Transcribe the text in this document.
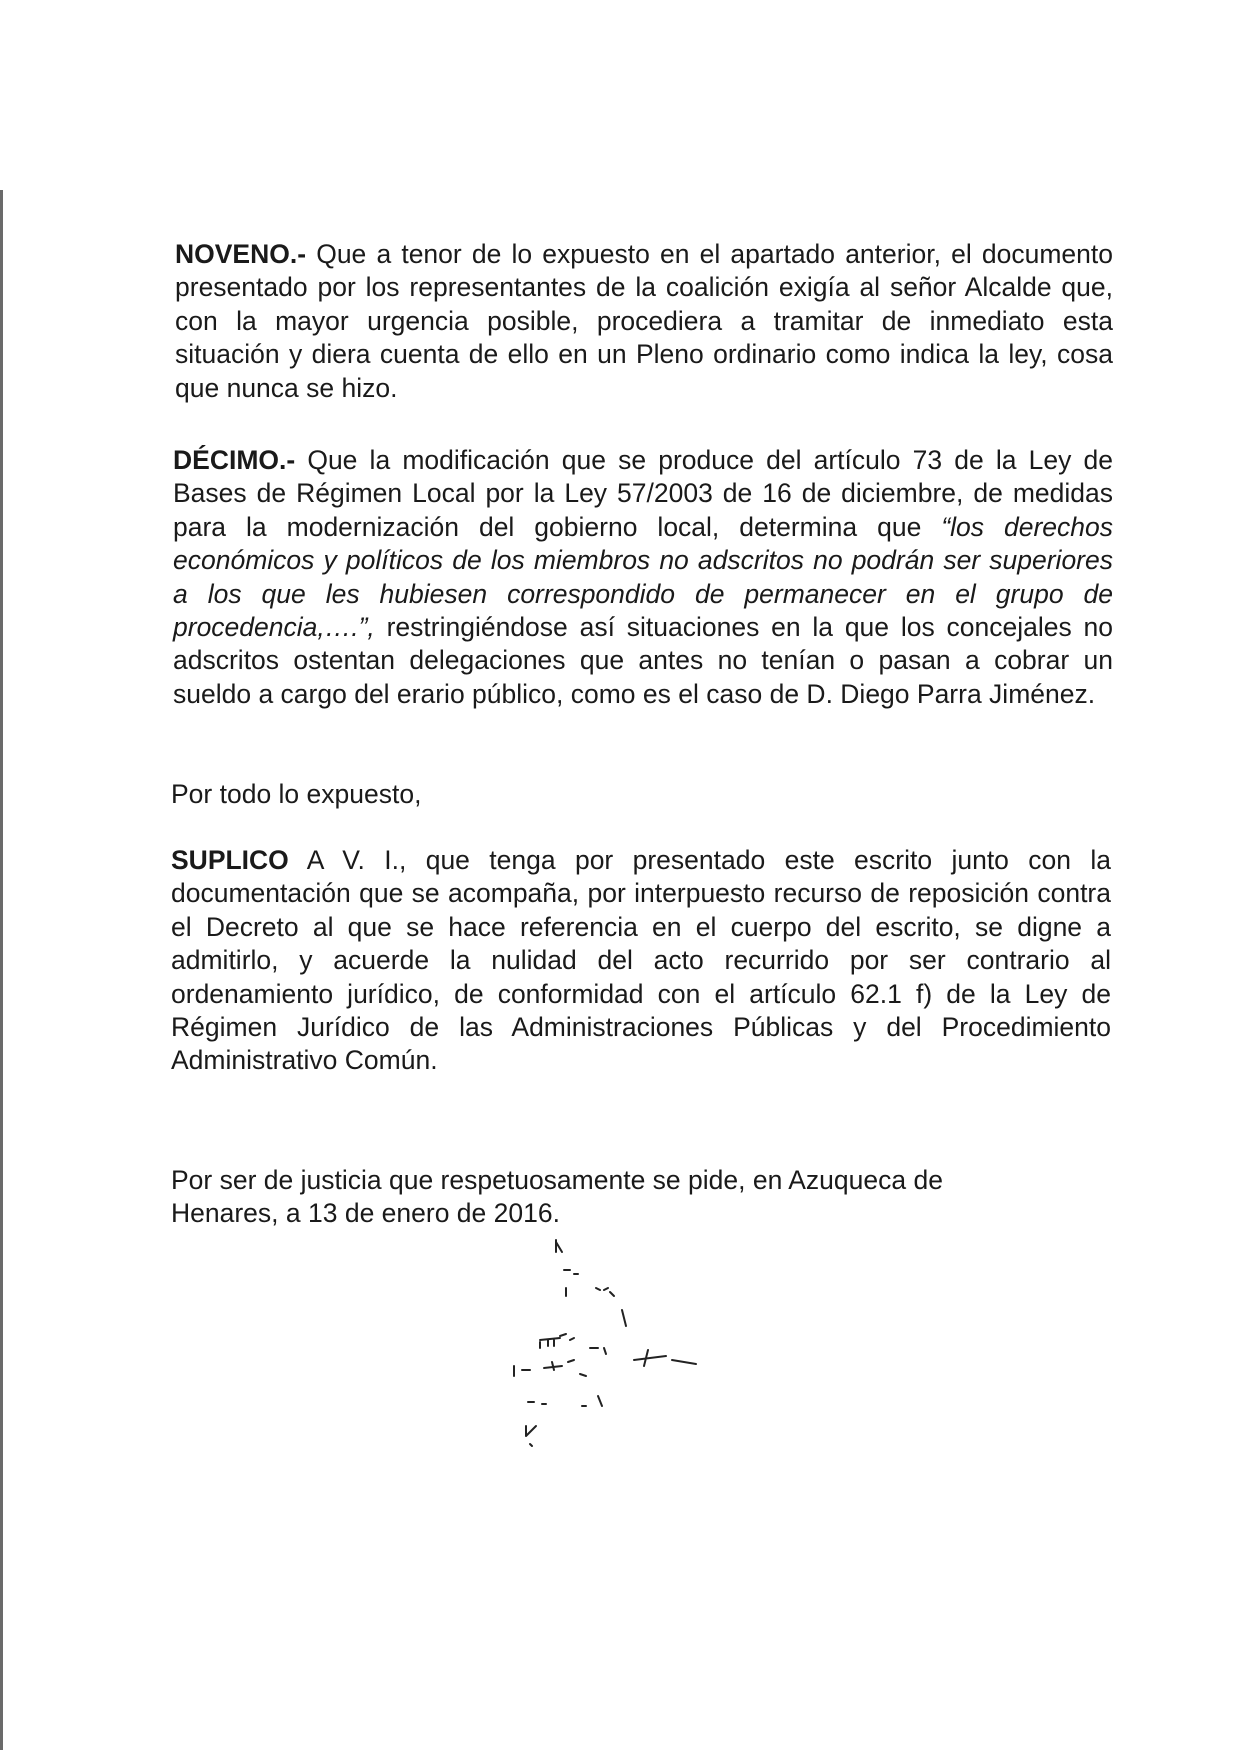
NOVENO.- Que a tenor de lo expuesto en el apartado anterior, el documento presentado por los representantes de la coalición exigía al señor Alcalde que, con la mayor urgencia posible, procediera a tramitar de inmediato esta situación y diera cuenta de ello en un Pleno ordinario como indica la ley, cosa que nunca se hizo.

DÉCIMO.- Que la modificación que se produce del artículo 73 de la Ley de Bases de Régimen Local por la Ley 57/2003 de 16 de diciembre, de medidas para la modernización del gobierno local, determina que “los derechos económicos y políticos de los miembros no adscritos no podrán ser superiores a los que les hubiesen correspondido de permanecer en el grupo de procedencia,….”, restringiéndose así situaciones en la que los concejales no adscritos ostentan delegaciones que antes no tenían o pasan a cobrar un sueldo a cargo del erario público, como es el caso de D. Diego Parra Jiménez.

Por todo lo expuesto,

SUPLICO A V. I., que tenga por presentado este escrito junto con la documentación que se acompaña, por interpuesto recurso de reposición contra el Decreto al que se hace referencia en el cuerpo del escrito, se digne a admitirlo, y acuerde la nulidad del acto recurrido por ser contrario al ordenamiento jurídico, de conformidad con el artículo 62.1 f) de la Ley de Régimen Jurídico de las Administraciones Públicas y del Procedimiento Administrativo Común.

Por ser de justicia que respetuosamente se pide, en Azuqueca de Henares, a 13 de enero de 2016.
